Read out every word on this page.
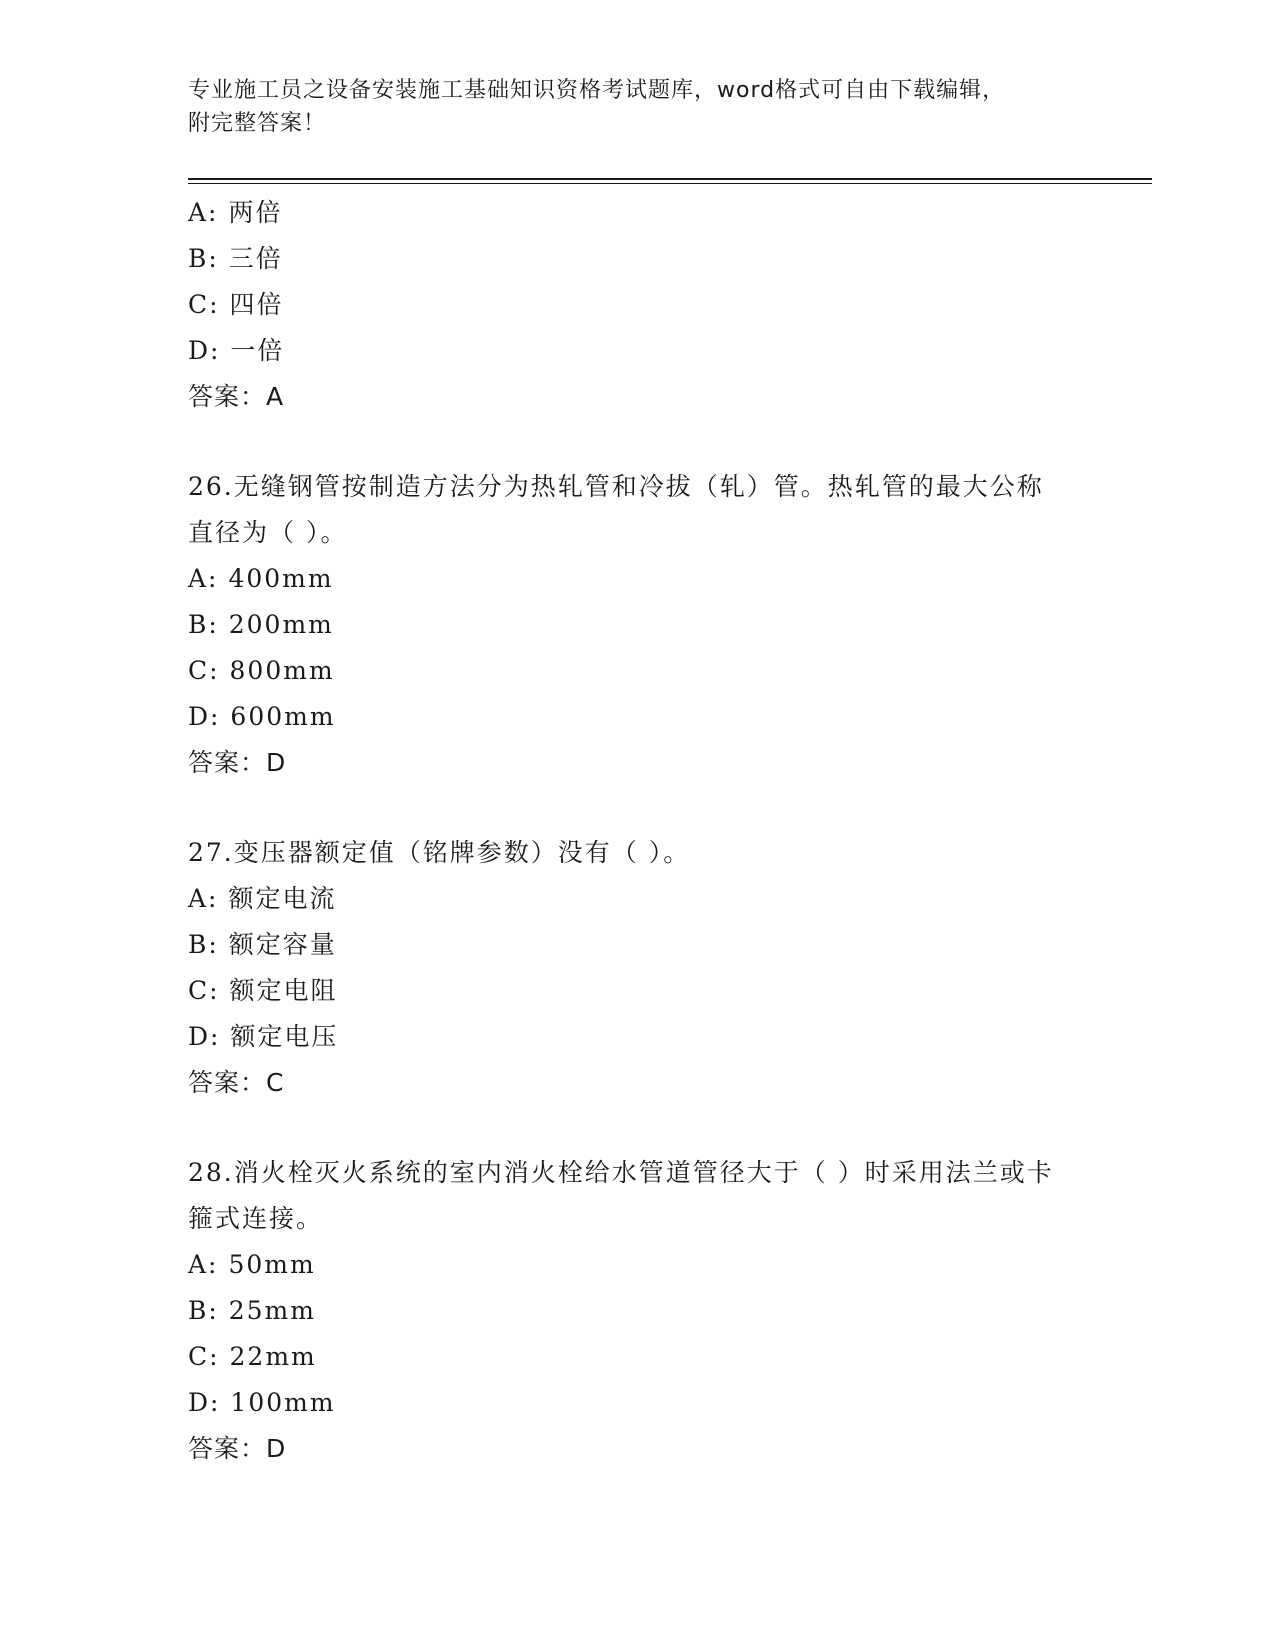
专业施工员之设备安装施工基础知识资格考试题库，word格式可自由下载编辑，
附完整答案！
A: 两倍
B: 三倍
C: 四倍
D: 一倍
答案：A
26.无缝钢管按制造方法分为热轧管和冷拔（轧）管。热轧管的最大公称直径为（ ）。
A: 400mm
B: 200mm
C: 800mm
D: 600mm
答案：D
27.变压器额定值（铭牌参数）没有（ ）。
A: 额定电流
B: 额定容量
C: 额定电阻
D: 额定电压
答案：C
28.消火栓灭火系统的室内消火栓给水管道管径大于（ ）时采用法兰或卡箍式连接。
A: 50mm
B: 25mm
C: 22mm
D: 100mm
答案：D
